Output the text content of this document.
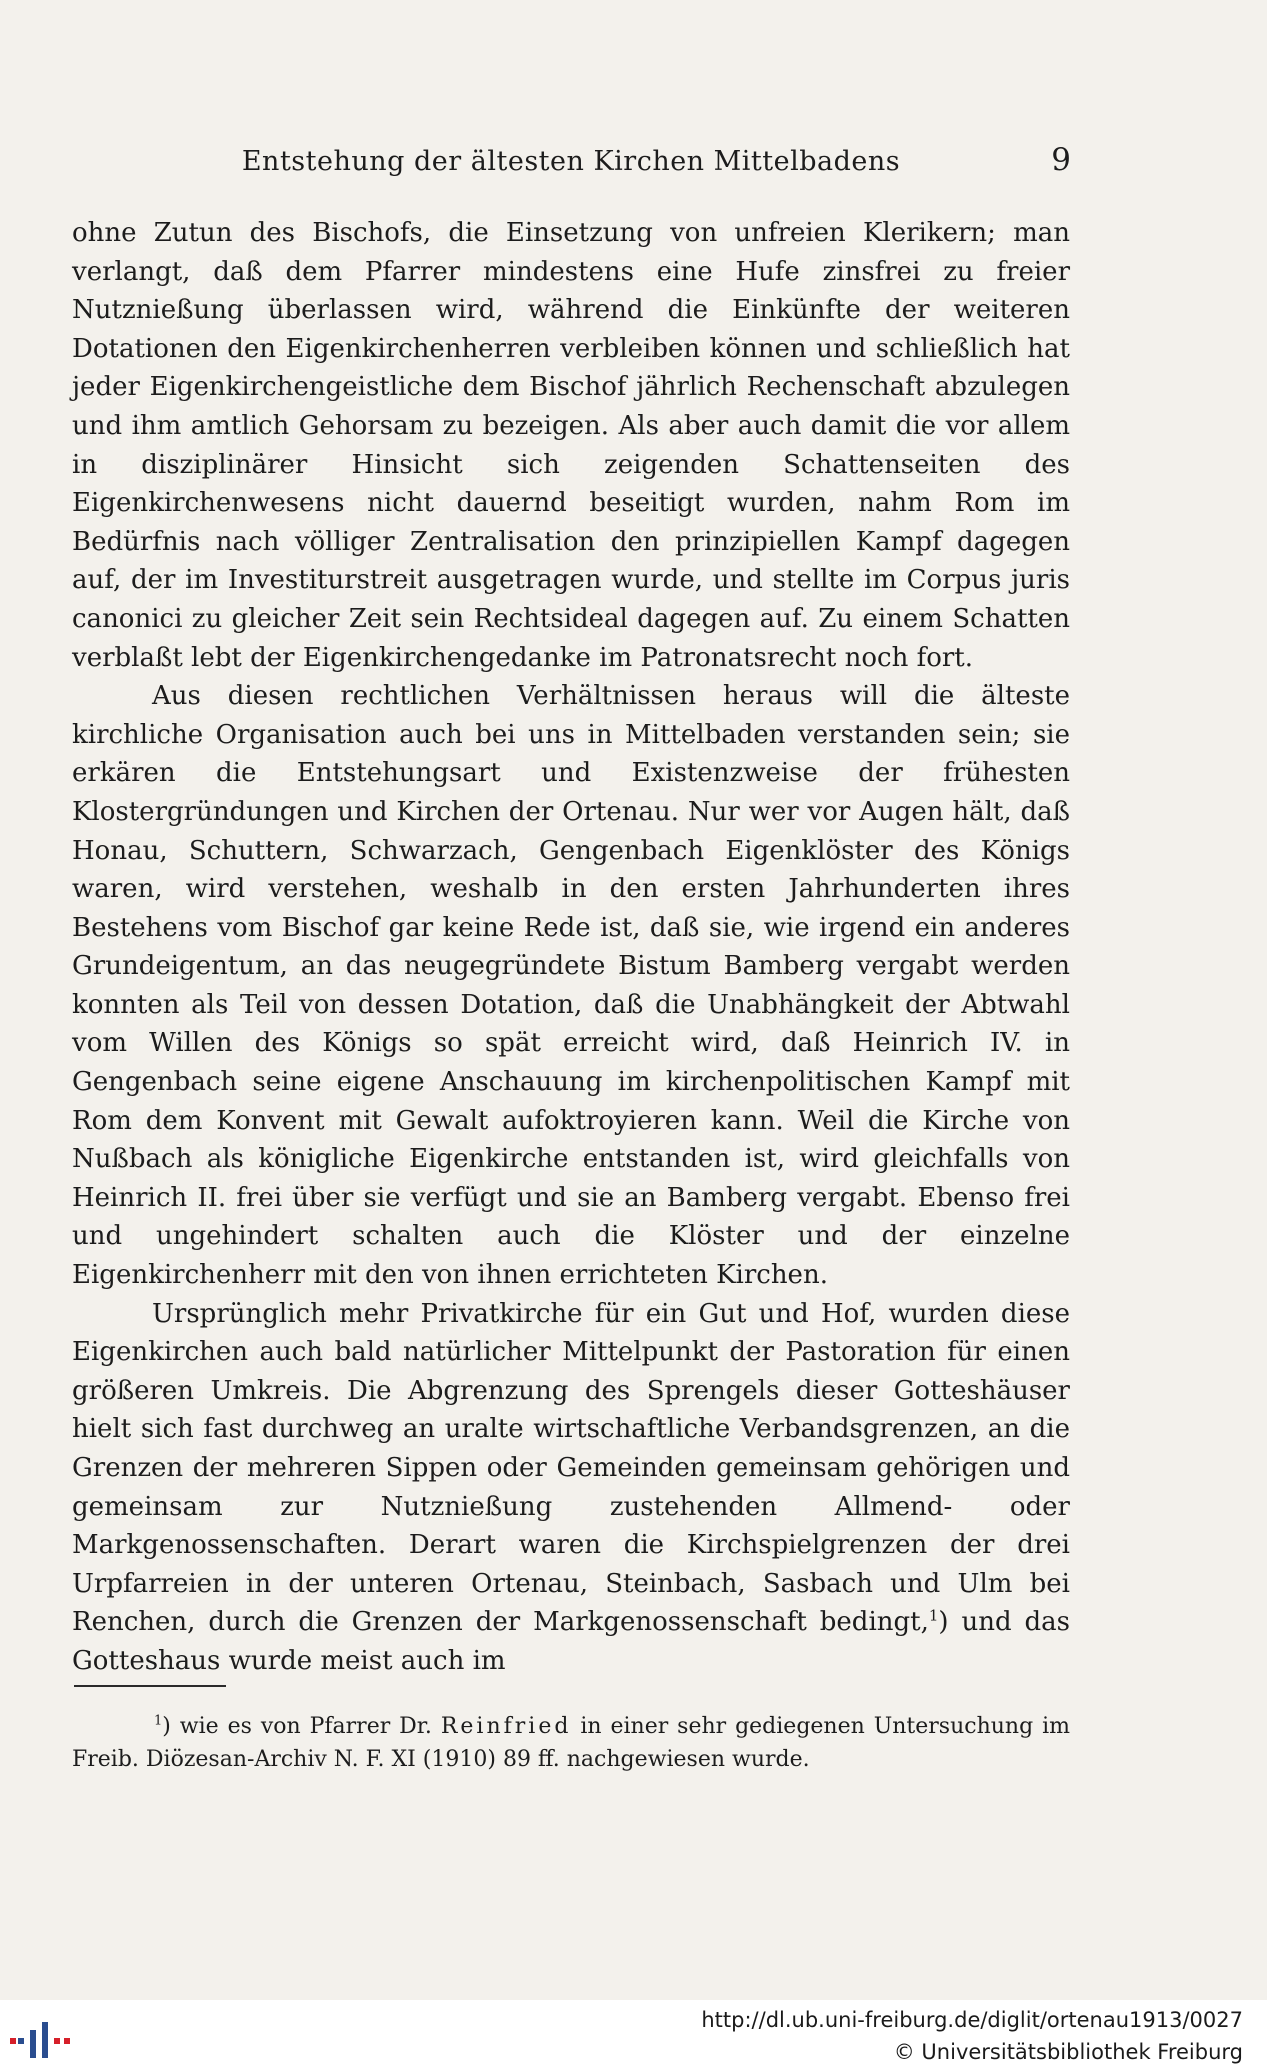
Entstehung der ältesten Kirchen Mittelbadens	9

ohne Zutun des Bischofs, die Einsetzung von unfreien Klerikern; man verlangt, daß dem Pfarrer mindestens eine Hufe zinsfrei zu freier Nutznießung überlassen wird, während die Einkünfte der weiteren Dotationen den Eigenkirchenherren verbleiben können und schließlich hat jeder Eigenkirchengeistliche dem Bischof jährlich Rechenschaft abzulegen und ihm amtlich Gehorsam zu bezeigen. Als aber auch damit die vor allem in disziplinärer Hinsicht sich zeigenden Schattenseiten des Eigenkirchenwesens nicht dauernd beseitigt wurden, nahm Rom im Bedürfnis nach völliger Zentralisation den prinzipiellen Kampf dagegen auf, der im Investiturstreit ausgetragen wurde, und stellte im Corpus juris canonici zu gleicher Zeit sein Rechtsideal dagegen auf. Zu einem Schatten verblaßt lebt der Eigenkirchengedanke im Patronatsrecht noch fort.

Aus diesen rechtlichen Verhältnissen heraus will die älteste kirchliche Organisation auch bei uns in Mittelbaden verstanden sein; sie erkären die Entstehungsart und Existenzweise der frühesten Klostergründungen und Kirchen der Ortenau. Nur wer vor Augen hält, daß Honau, Schuttern, Schwarzach, Gengenbach Eigenklöster des Königs waren, wird verstehen, weshalb in den ersten Jahrhunderten ihres Bestehens vom Bischof gar keine Rede ist, daß sie, wie irgend ein anderes Grundeigentum, an das neugegründete Bistum Bamberg vergabt werden konnten als Teil von dessen Dotation, daß die Unabhängkeit der Abtwahl vom Willen des Königs so spät erreicht wird, daß Heinrich IV. in Gengenbach seine eigene Anschauung im kirchenpolitischen Kampf mit Rom dem Konvent mit Gewalt aufoktroyieren kann. Weil die Kirche von Nußbach als königliche Eigenkirche entstanden ist, wird gleichfalls von Heinrich II. frei über sie verfügt und sie an Bamberg vergabt. Ebenso frei und ungehindert schalten auch die Klöster und der einzelne Eigenkirchenherr mit den von ihnen errichteten Kirchen.

Ursprünglich mehr Privatkirche für ein Gut und Hof, wurden diese Eigenkirchen auch bald natürlicher Mittelpunkt der Pastoration für einen größeren Umkreis. Die Abgrenzung des Sprengels dieser Gotteshäuser hielt sich fast durchweg an uralte wirtschaftliche Verbandsgrenzen, an die Grenzen der mehreren Sippen oder Gemeinden gemeinsam gehörigen und gemeinsam zur Nutznießung zustehenden Allmend- oder Markgenossenschaften. Derart waren die Kirchspielgrenzen der drei Urpfarreien in der unteren Ortenau, Steinbach, Sasbach und Ulm bei Renchen, durch die Grenzen der Markgenossenschaft bedingt,$^1$) und das Gotteshaus wurde meist auch im

$^1$) wie es von Pfarrer Dr. Reinfried in einer sehr gediegenen Untersuchung im Freib. Diözesan-Archiv N. F. XI (1910) 89 ff. nachgewiesen wurde.
http://dl.ub.uni-freiburg.de/diglit/ortenau1913/0027
© Universitätsbibliothek Freiburg
